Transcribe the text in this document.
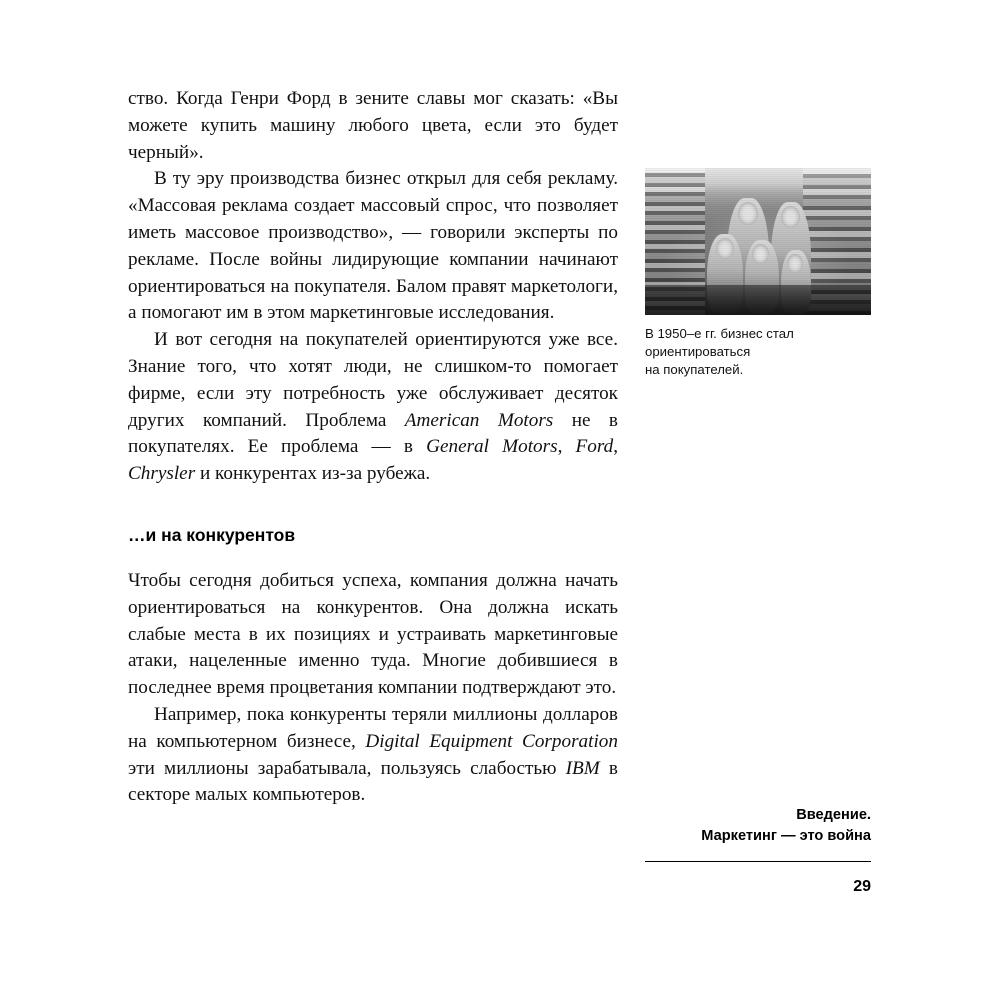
ство. Когда Генри Форд в зените славы мог сказать: «Вы можете купить машину любого цвета, если это будет черный».

В ту эру производства бизнес открыл для себя рекламу. «Массовая реклама создает массовый спрос, что позволяет иметь массовое производство», — говорили эксперты по рекламе. После войны лидирующие компании начинают ориентироваться на покупателя. Балом правят маркетологи, а помогают им в этом маркетинговые исследования.

И вот сегодня на покупателей ориентируются уже все. Знание того, что хотят люди, не слишком-то помогает фирме, если эту потребность уже обслуживает десяток других компаний. Проблема American Motors не в покупателях. Ее проблема — в General Motors, Ford, Chrysler и конкурентах из-за рубежа.

…и на конкурентов

Чтобы сегодня добиться успеха, компания должна начать ориентироваться на конкурентов. Она должна искать слабые места в их позициях и устраивать маркетинговые атаки, нацеленные именно туда. Многие добившиеся в последнее время процветания компании подтверждают это.

Например, пока конкуренты теряли миллионы долларов на компьютерном бизнесе, Digital Equipment Corporation эти миллионы зарабатывала, пользуясь слабостью IBM в секторе малых компьютеров.

В 1950–е гг. бизнес стал
ориентироваться
на покупателей.
Введение.
Маркетинг — это война
29
